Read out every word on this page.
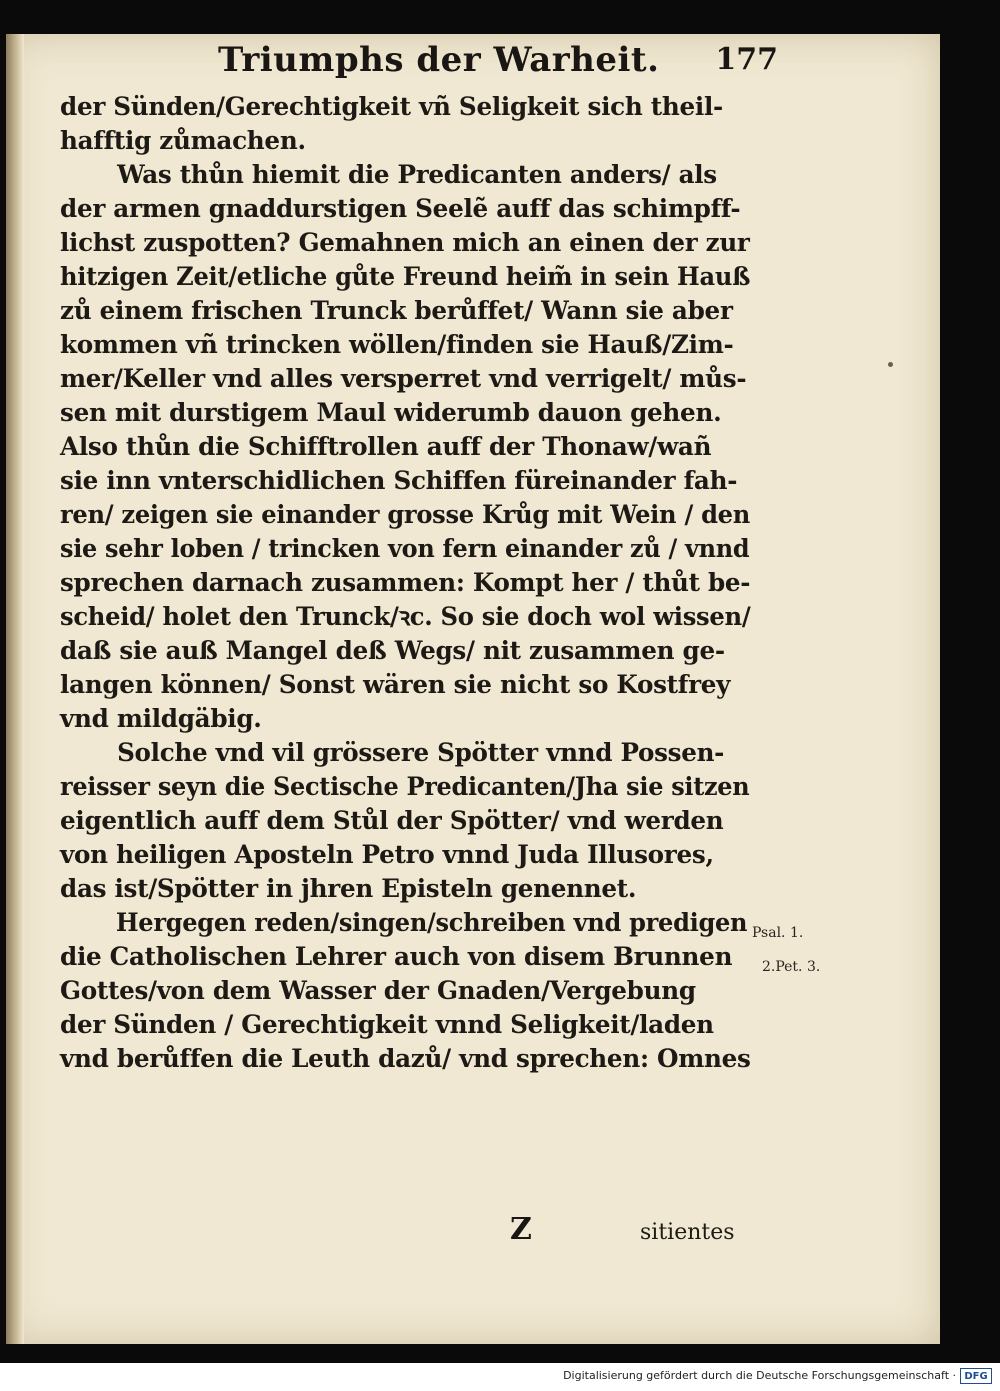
Triumphs der Warheit. 177
der Sünden/Gerechtigkeit vñ Seligkeit sich theil-
hafftig zůmachen.
Was thůn hiemit die Predicanten anders/ als
der armen gnaddurstigen Seelẽ auff das schimpff-
lichst zuspotten? Gemahnen mich an einen der zur
hitzigen Zeit/etliche gůte Freund heim̃ in sein Hauß
zů einem frischen Trunck berůffet/ Wann sie aber
kommen vñ trincken wöllen/finden sie Hauß/Zim-
mer/Keller vnd alles versperret vnd verrigelt/ můs-
sen mit durstigem Maul widerumb dauon gehen.
Also thůn die Schifftrollen auff der Thonaw/wañ
sie inn vnterschidlichen Schiffen füreinander fah-
ren/ zeigen sie einander grosse Krůg mit Wein / den
sie sehr loben / trincken von fern einander zů / vnnd
sprechen darnach zusammen: Kompt her / thůt be-
scheid/ holet den Trunck/ꝛc. So sie doch wol wissen/
daß sie auß Mangel deß Wegs/ nit zusammen ge-
langen können/ Sonst wären sie nicht so Kostfrey
vnd mildgäbig.
Solche vnd vil grössere Spötter vnnd Possen-
reisser seyn die Sectische Predicanten/Jha sie sitzen
eigentlich auff dem Stůl der Spötter/ vnd werden
von heiligen Aposteln Petro vnnd Juda Illusores,
das ist/Spötter in jhren Episteln genennet.
Hergegen reden/singen/schreiben vnd predigen
die Catholischen Lehrer auch von disem Brunnen
Gottes/von dem Wasser der Gnaden/Vergebung
der Sünden / Gerechtigkeit vnnd Seligkeit/laden
vnd berůffen die Leuth dazů/ vnd sprechen: Omnes
Psal. 1.
2.Pet. 3.
Z	sitientes
Digitalisierung gefördert durch die Deutsche Forschungsgemeinschaft · DFG
